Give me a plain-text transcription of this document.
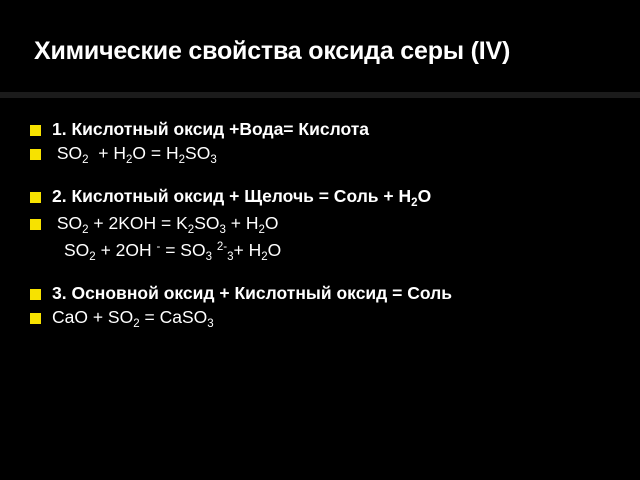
Химические свойства оксида серы (IV)
1. Кислотный оксид +Вода= Кислота
$SO_2 + H_2O = H_2SO_3$
2. Кислотный оксид + Щелочь = Соль + $H_2O$
$SO_2 + 2KOH = K_2SO_3 + H_2O$
$SO_2 + 2OH$ $^- = SO_3$ $^{2-}_3+ H_2O$
3. Основной оксид + Кислотный оксид = Соль
CaO + $SO_2$ = CaSO$_3$
